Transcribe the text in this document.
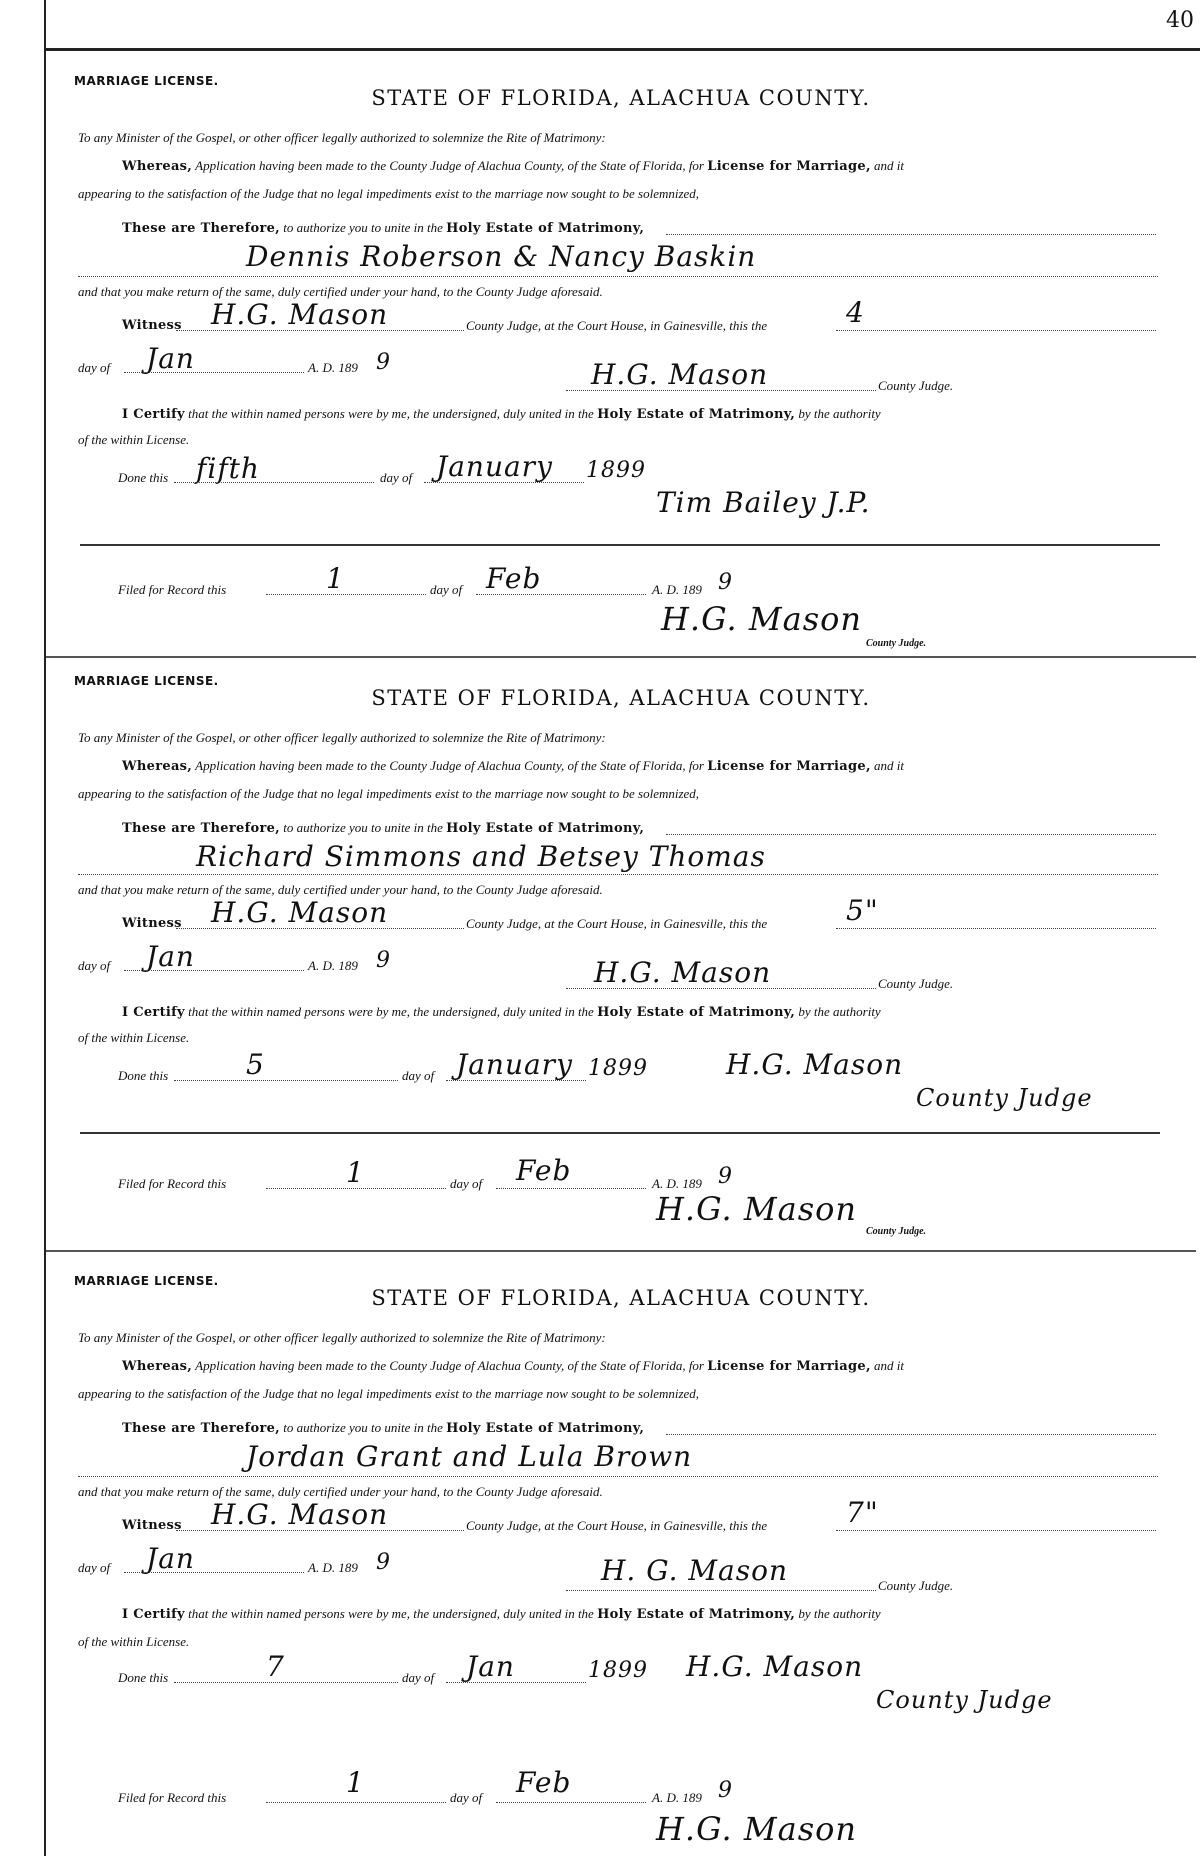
40
MARRIAGE LICENSE.
STATE OF FLORIDA, ALACHUA COUNTY.
To any Minister of the Gospel, or other officer legally authorized to solemnize the Rite of Matrimony:
Whereas, Application having been made to the County Judge of Alachua County, of the State of Florida, for License for Marriage, and it
appearing to the satisfaction of the Judge that no legal impediments exist to the marriage now sought to be solemnized,
These are Therefore, to authorize you to unite in the Holy Estate of Matrimony,
Dennis Roberson & Nancy Baskin
and that you make return of the same, duly certified under your hand, to the County Judge aforesaid.
Witness H.G. Mason	County Judge, at the Court House, in Gainesville, this the	4
day of Jan	A. D. 189 9	H.G. Mason	County Judge.
I Certify that the within named persons were by me, the undersigned, duly united in the Holy Estate of Matrimony, by the authority
of the within License.
Done this fifth	day of January 1899
Tim Bailey J.P.
Filed for Record this	1	day of Feb	A. D. 189 9
H.G. Mason
County Judge.
MARRIAGE LICENSE.
STATE OF FLORIDA, ALACHUA COUNTY.
To any Minister of the Gospel, or other officer legally authorized to solemnize the Rite of Matrimony:
Whereas, Application having been made to the County Judge of Alachua County, of the State of Florida, for License for Marriage, and it
appearing to the satisfaction of the Judge that no legal impediments exist to the marriage now sought to be solemnized,
These are Therefore, to authorize you to unite in the Holy Estate of Matrimony,
Richard Simmons and Betsey Thomas
and that you make return of the same, duly certified under your hand, to the County Judge aforesaid.
Witness H.G. Mason	County Judge, at the Court House, in Gainesville, this the	5"
day of Jan	A. D. 189 9	H.G. Mason	County Judge.
I Certify that the within named persons were by me, the undersigned, duly united in the Holy Estate of Matrimony, by the authority
of the within License.
Done this	5	day of January 1899	H.G. Mason
County Judge
Filed for Record this	1	day of Feb	A. D. 189 9
H.G. Mason
County Judge.
MARRIAGE LICENSE.
STATE OF FLORIDA, ALACHUA COUNTY.
To any Minister of the Gospel, or other officer legally authorized to solemnize the Rite of Matrimony:
Whereas, Application having been made to the County Judge of Alachua County, of the State of Florida, for License for Marriage, and it
appearing to the satisfaction of the Judge that no legal impediments exist to the marriage now sought to be solemnized,
These are Therefore, to authorize you to unite in the Holy Estate of Matrimony,
Jordan Grant and Lula Brown
and that you make return of the same, duly certified under your hand, to the County Judge aforesaid.
Witness H.G. Mason	County Judge, at the Court House, in Gainesville, this the	7"
day of Jan	A. D. 189 9	H. G. Mason	County Judge.
I Certify that the within named persons were by me, the undersigned, duly united in the Holy Estate of Matrimony, by the authority
of the within License.
Done this	7	day of Jan	1899 H.G. Mason
County Judge
Filed for Record this	1	day of Feb	A. D. 189 9
H.G. Mason
